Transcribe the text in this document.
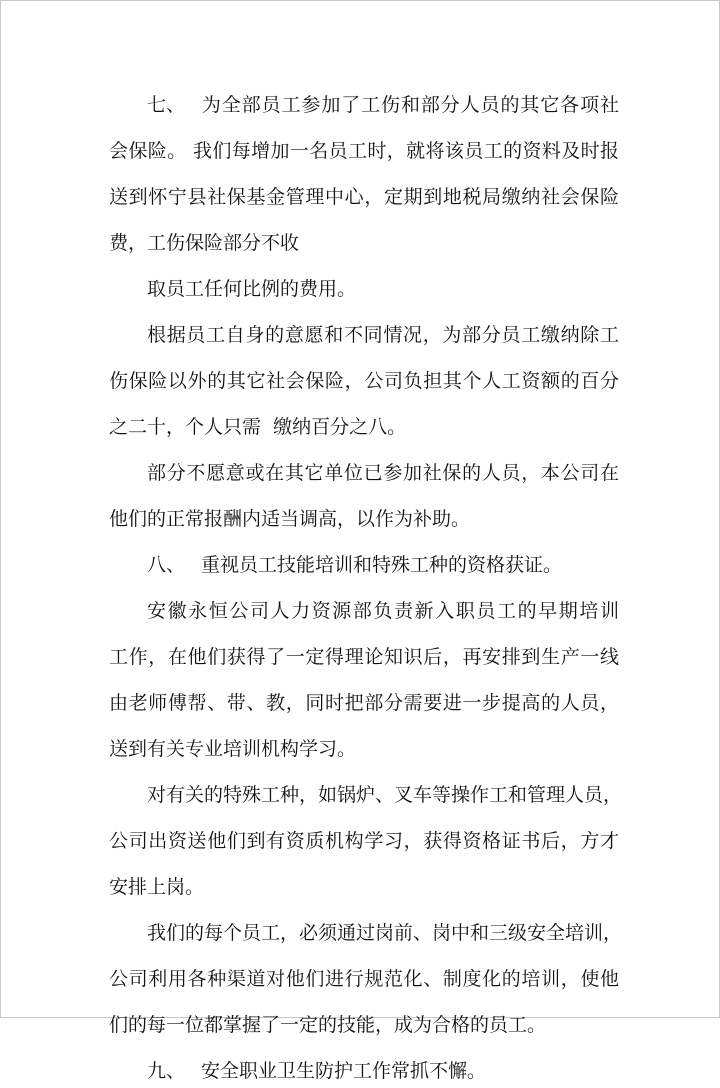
七、 为全部员工参加了工伤和部分人员的其它各项社
会保险。 我们每增加一名员工时，就将该员工的资料及时报
送到怀宁县社保基金管理中心，定期到地税局缴纳社会保险
费，工伤保险部分不收
取员工任何比例的费用。
根据员工自身的意愿和不同情况，为部分员工缴纳除工
伤保险以外的其它社会保险，公司负担其个人工资额的百分
之二十，个人只需  缴纳百分之八。
部分不愿意或在其它单位已参加社保的人员，本公司在
他们的正常报酬内适当调高，以作为补助。
八、 重视员工技能培训和特殊工种的资格获证。
安徽永恒公司人力资源部负责新入职员工的早期培训
工作，在他们获得了一定得理论知识后，再安排到生产一线
由老师傅帮、带、教，同时把部分需要进一步提高的人员，
送到有关专业培训机构学习。
对有关的特殊工种，如锅炉、叉车等操作工和管理人员，
公司出资送他们到有资质机构学习，获得资格证书后，方才
安排上岗。
我们的每个员工，必须通过岗前、岗中和三级安全培训，
公司利用各种渠道对他们进行规范化、制度化的培训，使他
们的每一位都掌握了一定的技能，成为合格的员工。
九、 安全职业卫生防护工作常抓不懈。
